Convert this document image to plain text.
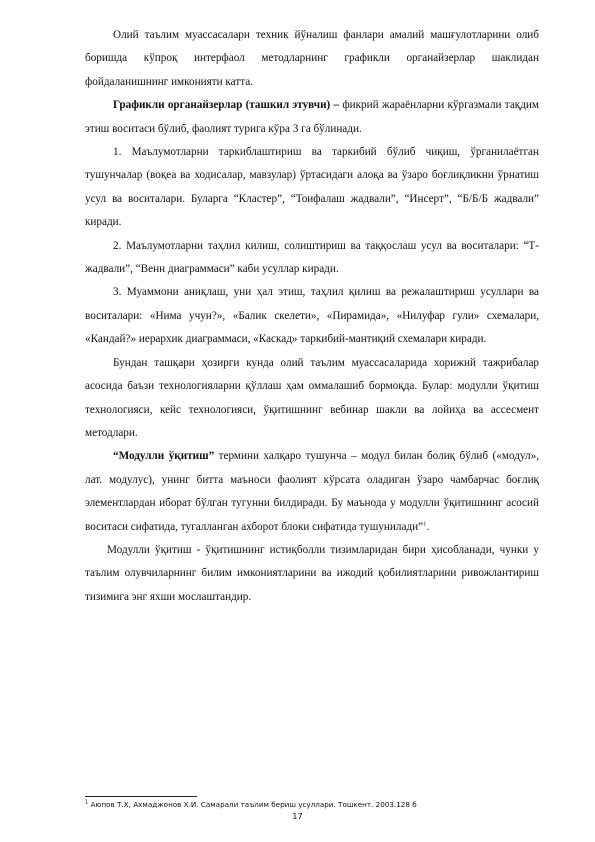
Олий таълим муассасалари техник йўналиш фанлари амалий машғулотларини олиб боришда кўпроқ интерфаол методларнинг графикли органайзерлар шаклидан фойдаланишнинг имконияти катта.

Графикли органайзерлар (ташкил этувчи) – фикрий жараёнларни кўргазмали тақдим этиш воситаси бўлиб, фаолият турига кўра 3 га бўлинади.

1. Маълумотларни таркиблаштириш ва таркибий бўлиб чиқиш, ўрганилаётган тушунчалар (воқеа ва ходисалар, мавзулар) ўртасидаги алоқа ва ўзаро боғлиқликни ўрнатиш усул ва воситалари. Буларга “Кластер”, “Тоифалаш жадвали”, “Инсерт”, “Б/Б/Б жадвали” киради.

2. Маълумотларни таҳлил килиш, солиштириш ва таққослаш усул ва воситалари: “Т-жадвали”, “Венн диаграммаси” каби усуллар киради.

3. Муаммони аниқлаш, уни ҳал этиш, таҳлил қилиш ва режалаштириш усуллари ва воситалари: «Нима учун?», «Балик скелети», «Пирамида», «Нилуфар гули» схемалари, «Кандай?» иерархик диаграммаси, «Каскад» таркибий-мантиқий схемалари киради.

Бундан ташқари ҳозирги кунда олий таълим муассасаларида хорижий тажрибалар асосида баъзи технологияларни қўллаш ҳам оммалашиб бормоқда. Булар: модулли ўқитиш технологияси, кейс технологияси, ўқитишнинг вебинар шакли ва лойиҳа ва ассесмент методлари.

“Модулли ўқитиш” термини халқаро тушунча – модул билан болиқ бўлиб («модул», лат. модулус), унинг битта маъноси фаолият кўрсата оладиган ўзаро чамбарчас боғлиқ элементлардан иборат бўлган тугунни билдиради. Бу маънода у модулли ўқитишнинг асосий воситаси сифатида, тугалланган ахборот блоки сифатида тушунилади”$^1$.

Модулли ўқитиш - ўқитишнинг истиқболли тизимларидан бири ҳисобланади, чунки у таълим олувчиларнинг билим имкониятларини ва ижодий қобилиятларини ривожлантириш тизимига энг яхши мослаштандир.

$^1$ Аюпов Т.Х, Ахмаджонов Х.И. Самарали таълим бериш усуллари. Тошкент. 2003.128 б
17
